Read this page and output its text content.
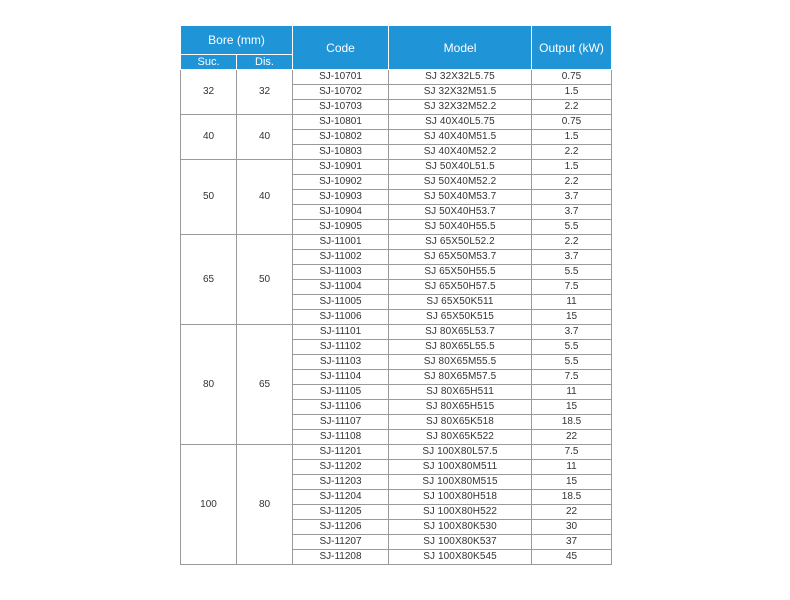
Bore (mm)		Code	Model	Output (kW)
Suc.	Dis.			
32	32	SJ-10701	SJ 32X32L5.75	0.75
		SJ-10702	SJ 32X32M51.5	1.5
		SJ-10703	SJ 32X32M52.2	2.2
40	40	SJ-10801	SJ 40X40L5.75	0.75
		SJ-10802	SJ 40X40M51.5	1.5
		SJ-10803	SJ 40X40M52.2	2.2
50	40	SJ-10901	SJ 50X40L51.5	1.5
		SJ-10902	SJ 50X40M52.2	2.2
		SJ-10903	SJ 50X40M53.7	3.7
		SJ-10904	SJ 50X40H53.7	3.7
		SJ-10905	SJ 50X40H55.5	5.5
65	50	SJ-11001	SJ 65X50L52.2	2.2
		SJ-11002	SJ 65X50M53.7	3.7
		SJ-11003	SJ 65X50H55.5	5.5
		SJ-11004	SJ 65X50H57.5	7.5
		SJ-11005	SJ 65X50K511	11
		SJ-11006	SJ 65X50K515	15
80	65	SJ-11101	SJ 80X65L53.7	3.7
		SJ-11102	SJ 80X65L55.5	5.5
		SJ-11103	SJ 80X65M55.5	5.5
		SJ-11104	SJ 80X65M57.5	7.5
		SJ-11105	SJ 80X65H511	11
		SJ-11106	SJ 80X65H515	15
		SJ-11107	SJ 80X65K518	18.5
		SJ-11108	SJ 80X65K522	22
100	80	SJ-11201	SJ 100X80L57.5	7.5
		SJ-11202	SJ 100X80M511	11
		SJ-11203	SJ 100X80M515	15
		SJ-11204	SJ 100X80H518	18.5
		SJ-11205	SJ 100X80H522	22
		SJ-11206	SJ 100X80K530	30
		SJ-11207	SJ 100X80K537	37
		SJ-11208	SJ 100X80K545	45
